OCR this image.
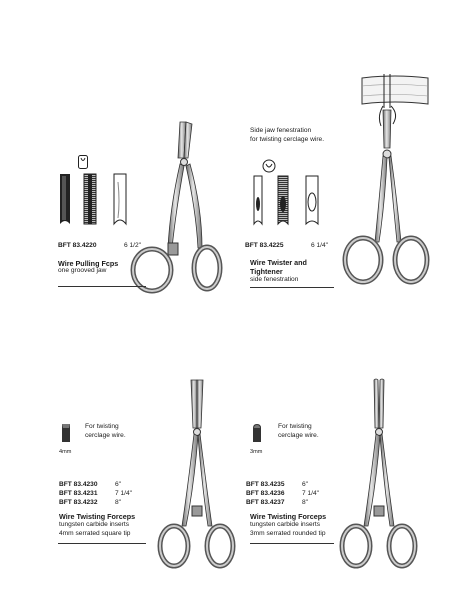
BFT 83.4220	6 1/2"
Wire Pulling Fcps
one grooved jaw
Side jaw fenestration
for twisting cerclage wire.
BFT 83.4225	6 1/4"
Wire Twister and
Tightener
side fenestration
4mm
For twisting
cerclage wire.
BFT 83.4230	6"
BFT 83.4231	7 1/4"
BFT 83.4232	8"
Wire Twisting Forceps
tungsten carbide inserts
4mm serrated square tip
3mm
For twisting
cerclage wire.
BFT 83.4235	6"
BFT 83.4236	7 1/4"
BFT 83.4237	8"
Wire Twisting Forceps
tungsten carbide inserts
3mm serrated rounded tip
